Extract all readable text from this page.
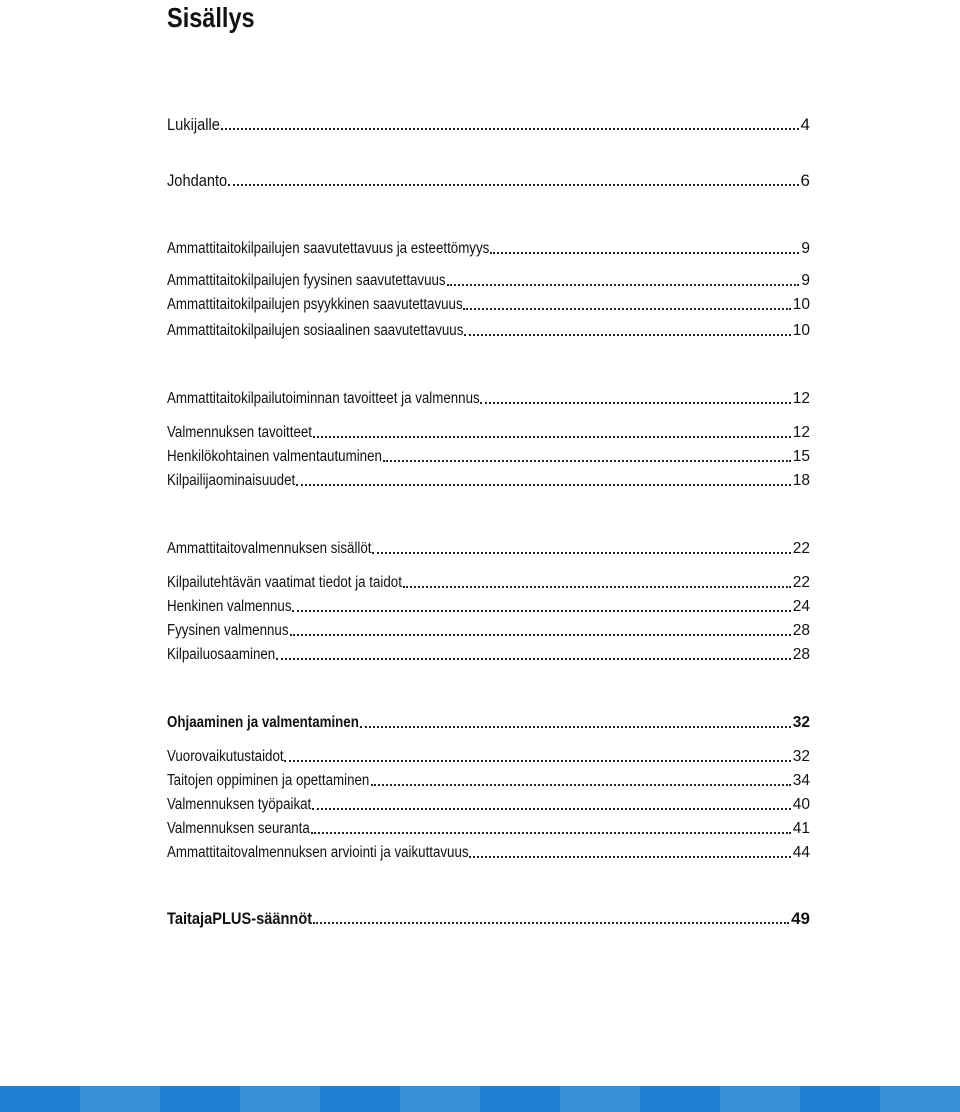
Sisällys
Lukijalle	4
Johdanto	6
Ammattitaitokilpailujen saavutettavuus ja esteettömyys	9
Ammattitaitokilpailujen fyysinen saavutettavuus	9
Ammattitaitokilpailujen psyykkinen saavutettavuus	10
Ammattitaitokilpailujen sosiaalinen saavutettavuus	10
Ammattitaitokilpailutoiminnan tavoitteet ja valmennus	12
Valmennuksen tavoitteet	12
Henkilökohtainen valmentautuminen	15
Kilpailijaominaisuudet	18
Ammattitaitovalmennuksen sisällöt	22
Kilpailutehtävän vaatimat tiedot ja taidot	22
Henkinen valmennus	24
Fyysinen valmennus	28
Kilpailuosaaminen	28
Ohjaaminen ja valmentaminen	32
Vuorovaikutustaidot	32
Taitojen oppiminen ja opettaminen	34
Valmennuksen työpaikat	40
Valmennuksen seuranta	41
Ammattitaitovalmennuksen arviointi ja vaikuttavuus	44
TaitajaPLUS-säännöt	49
